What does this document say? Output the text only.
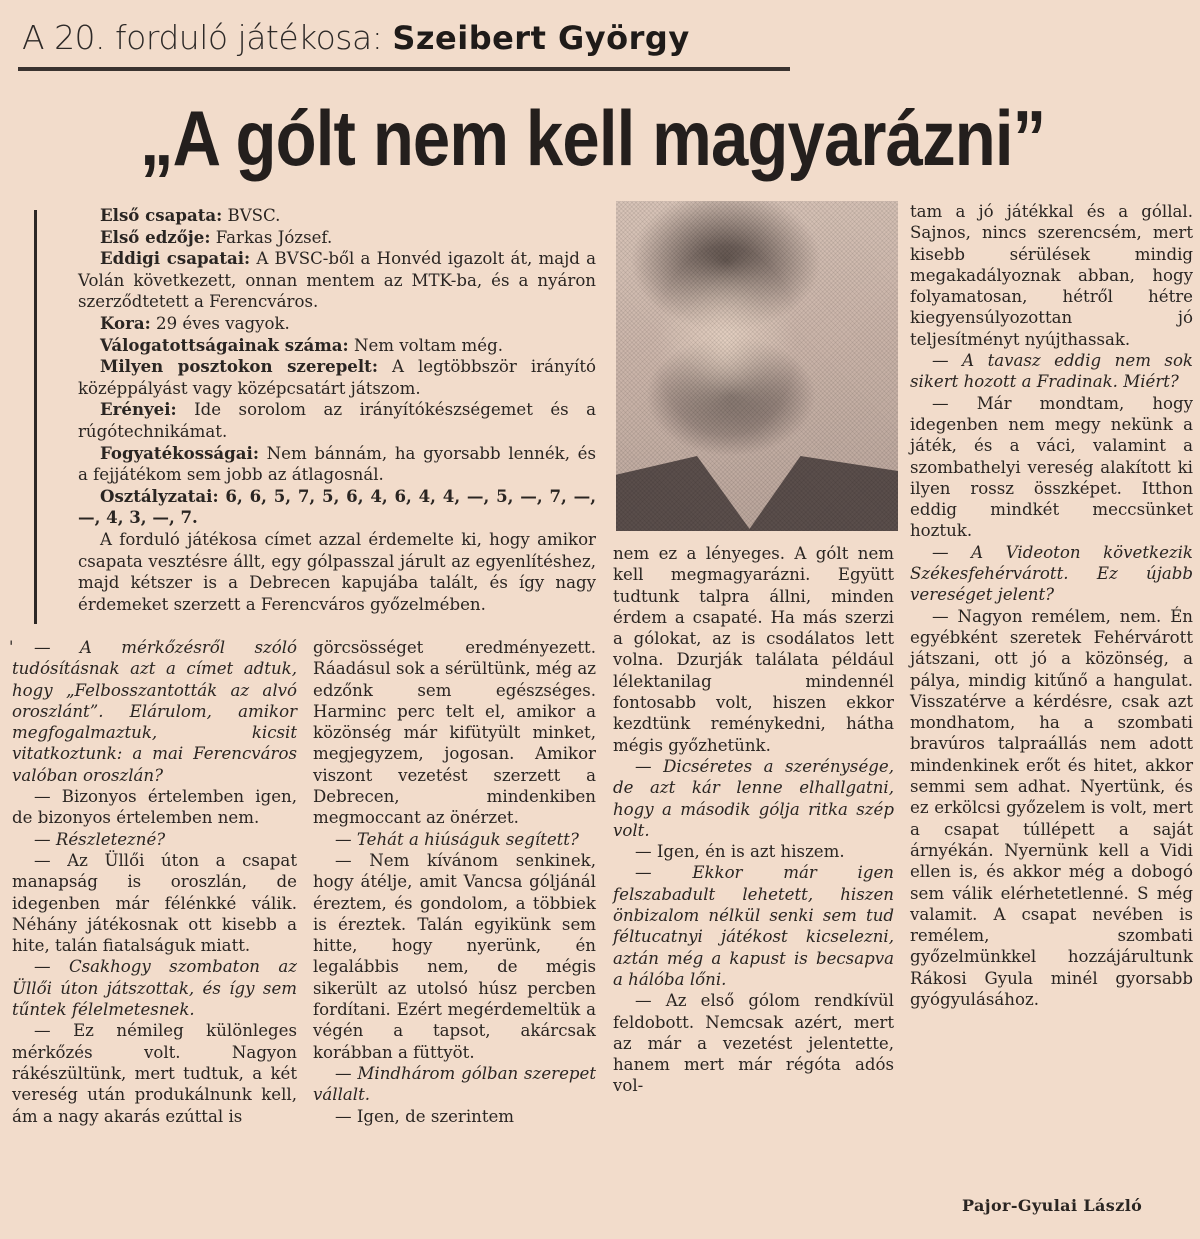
A 20. forduló játékosa: Szeibert György
„A gólt nem kell magyarázni”

Első csapata: BVSC.

Első edzője: Farkas József.

Eddigi csapatai: A BVSC-ből a Honvéd igazolt át, majd a Volán következett, onnan mentem az MTK-ba, és a nyáron szerződtetett a Ferencváros.

Kora: 29 éves vagyok.

Válogatottságainak száma: Nem voltam még.

Milyen posztokon szerepelt: A legtöbbször irányító középpályást vagy középcsatárt játszom.

Erényei: Ide sorolom az irányítókészségemet és a rúgótechnikámat.

Fogyatékosságai: Nem bánnám, ha gyorsabb lennék, és a fejjátékom sem jobb az átlagosnál.

Osztályzatai: 6, 6, 5, 7, 5, 6, 4, 6, 4, 4, —, 5, —, 7, —, —, 4, 3, —, 7.

A forduló játékosa címet azzal érdemelte ki, hogy amikor csapata vesztésre állt, egy gólpasszal járult az egyenlítéshez, majd kétszer is a Debrecen kapujába talált, és így nagy érdemeket szerzett a Ferencváros győzelmében.

'	— A mérkőzésről szóló tudósításnak azt a címet adtuk, hogy „Felbosszantották az alvó oroszlánt”. Elárulom, amikor megfogalmaztuk, kicsit vitatkoztunk: a mai Ferencváros valóban oroszlán?

— Bizonyos értelemben igen, de bizonyos értelemben nem.

— Részletezné?

— Az Üllői úton a csapat manapság is oroszlán, de idegenben már félénkké válik. Néhány játékosnak ott kisebb a hite, talán fiatalságuk miatt.

— Csakhogy szombaton az Üllői úton játszottak, és így sem tűntek félelmetesnek.

— Ez némileg különleges mérkőzés volt. Nagyon rákészültünk, mert tudtuk, a két vereség után produkálnunk kell, ám a nagy akarás ezúttal is

görcsösséget eredményezett. Ráadásul sok a sérültünk, még az edzőnk sem egészséges. Harminc perc telt el, amikor a közönség már kifütyült minket, megjegyzem, jogosan. Amikor viszont vezetést szerzett a Debrecen, mindenkiben megmoccant az önérzet.

— Tehát a hiúságuk segített?

— Nem kívánom senkinek, hogy átélje, amit Vancsa góljánál éreztem, és gondolom, a többiek is éreztek. Talán egyikünk sem hitte, hogy nyerünk, én legalábbis nem, de mégis sikerült az utolsó húsz percben fordítani. Ezért megérdemeltük a végén a tapsot, akárcsak korábban a füttyöt.

— Mindhárom gólban szerepet vállalt.

— Igen, de szerintem

nem ez a lényeges. A gólt nem kell megmagyarázni. Együtt tudtunk talpra állni, minden érdem a csapaté. Ha más szerzi a gólokat, az is csodálatos lett volna. Dzurják találata például lélektanilag mindennél fontosabb volt, hiszen ekkor kezdtünk reménykedni, hátha mégis győzhetünk.

— Dicséretes a szerénysége, de azt kár lenne elhallgatni, hogy a második gólja ritka szép volt.

— Igen, én is azt hiszem.

— Ekkor már igen felszabadult lehetett, hiszen önbizalom nélkül senki sem tud féltucatnyi játékost kicselezni, aztán még a kapust is becsapva a hálóba lőni.

— Az első gólom rendkívül feldobott. Nemcsak azért, mert az már a vezetést jelentette, hanem mert már régóta adós vol-

tam a jó játékkal és a góllal. Sajnos, nincs szerencsém, mert kisebb sérülések mindig megakadályoznak abban, hogy folyamatosan, hétről hétre kiegyensúlyozottan jó teljesítményt nyújthassak.

— A tavasz eddig nem sok sikert hozott a Fradinak. Miért?

— Már mondtam, hogy idegenben nem megy nekünk a játék, és a váci, valamint a szombathelyi vereség alakított ki ilyen rossz összképet. Itthon eddig mindkét meccsünket hoztuk.

— A Videoton következik Székesfehérvárott. Ez újabb vereséget jelent?

— Nagyon remélem, nem. Én egyébként szeretek Fehérvárott játszani, ott jó a közönség, a pálya, mindig kitűnő a hangulat. Visszatérve a kérdésre, csak azt mondhatom, ha a szombati bravúros talpraállás nem adott mindenkinek erőt és hitet, akkor semmi sem adhat. Nyertünk, és ez erkölcsi győzelem is volt, mert a csapat túllépett a saját árnyékán. Nyernünk kell a Vidi ellen is, és akkor még a dobogó sem válik elérhetetlenné. S még valamit. A csapat nevében is remélem, szombati győzelmünkkel hozzájárultunk Rákosi Gyula minél gyorsabb gyógyulásához.

Pajor-Gyulai László
